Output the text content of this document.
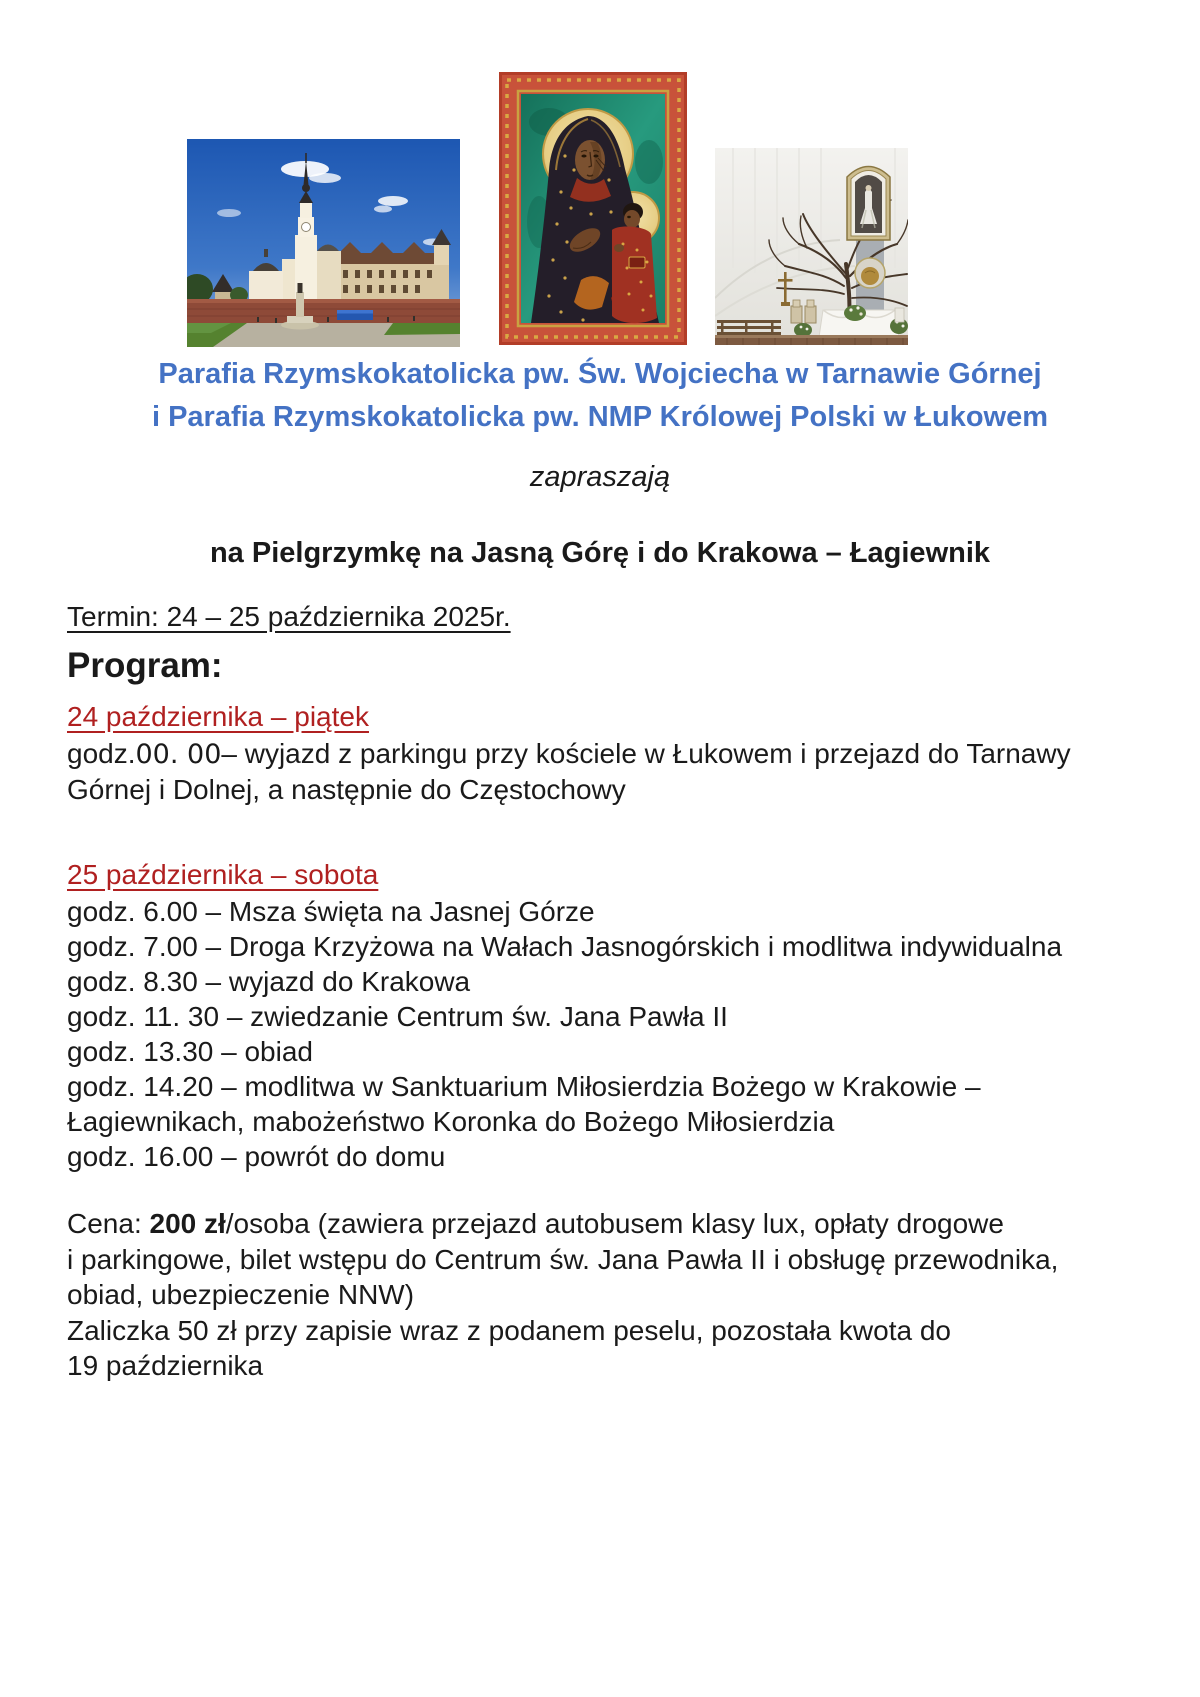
Parafia Rzymskokatolicka pw. Św. Wojciecha w Tarnawie Górnej
i Parafia Rzymskokatolicka pw. NMP Królowej Polski w Łukowem
zapraszają
na Pielgrzymkę na Jasną Górę i do Krakowa – Łagiewnik
Termin: 24 – 25 października 2025r.
Program:
24 października – piątek
godz.00. 00– wyjazd z parkingu przy kościele w Łukowem i przejazd do Tarnawy
Górnej i Dolnej, a następnie do Częstochowy
25 października – sobota
godz. 6.00 – Msza święta na Jasnej Górze
godz. 7.00 – Droga Krzyżowa na Wałach Jasnogórskich i modlitwa indywidualna
godz. 8.30 – wyjazd do Krakowa
godz. 11. 30 – zwiedzanie Centrum św. Jana Pawła II
godz. 13.30 – obiad
godz. 14.20 – modlitwa w Sanktuarium Miłosierdzia Bożego w Krakowie –
Łagiewnikach, mabożeństwo Koronka do Bożego Miłosierdzia
godz. 16.00 – powrót do domu
Cena: 200 zł/osoba (zawiera przejazd autobusem klasy lux, opłaty drogowe
i parkingowe, bilet wstępu do Centrum św. Jana Pawła II i obsługę przewodnika,
obiad, ubezpieczenie NNW)
Zaliczka 50 zł przy zapisie wraz z podanem peselu, pozostała kwota do
19 października
